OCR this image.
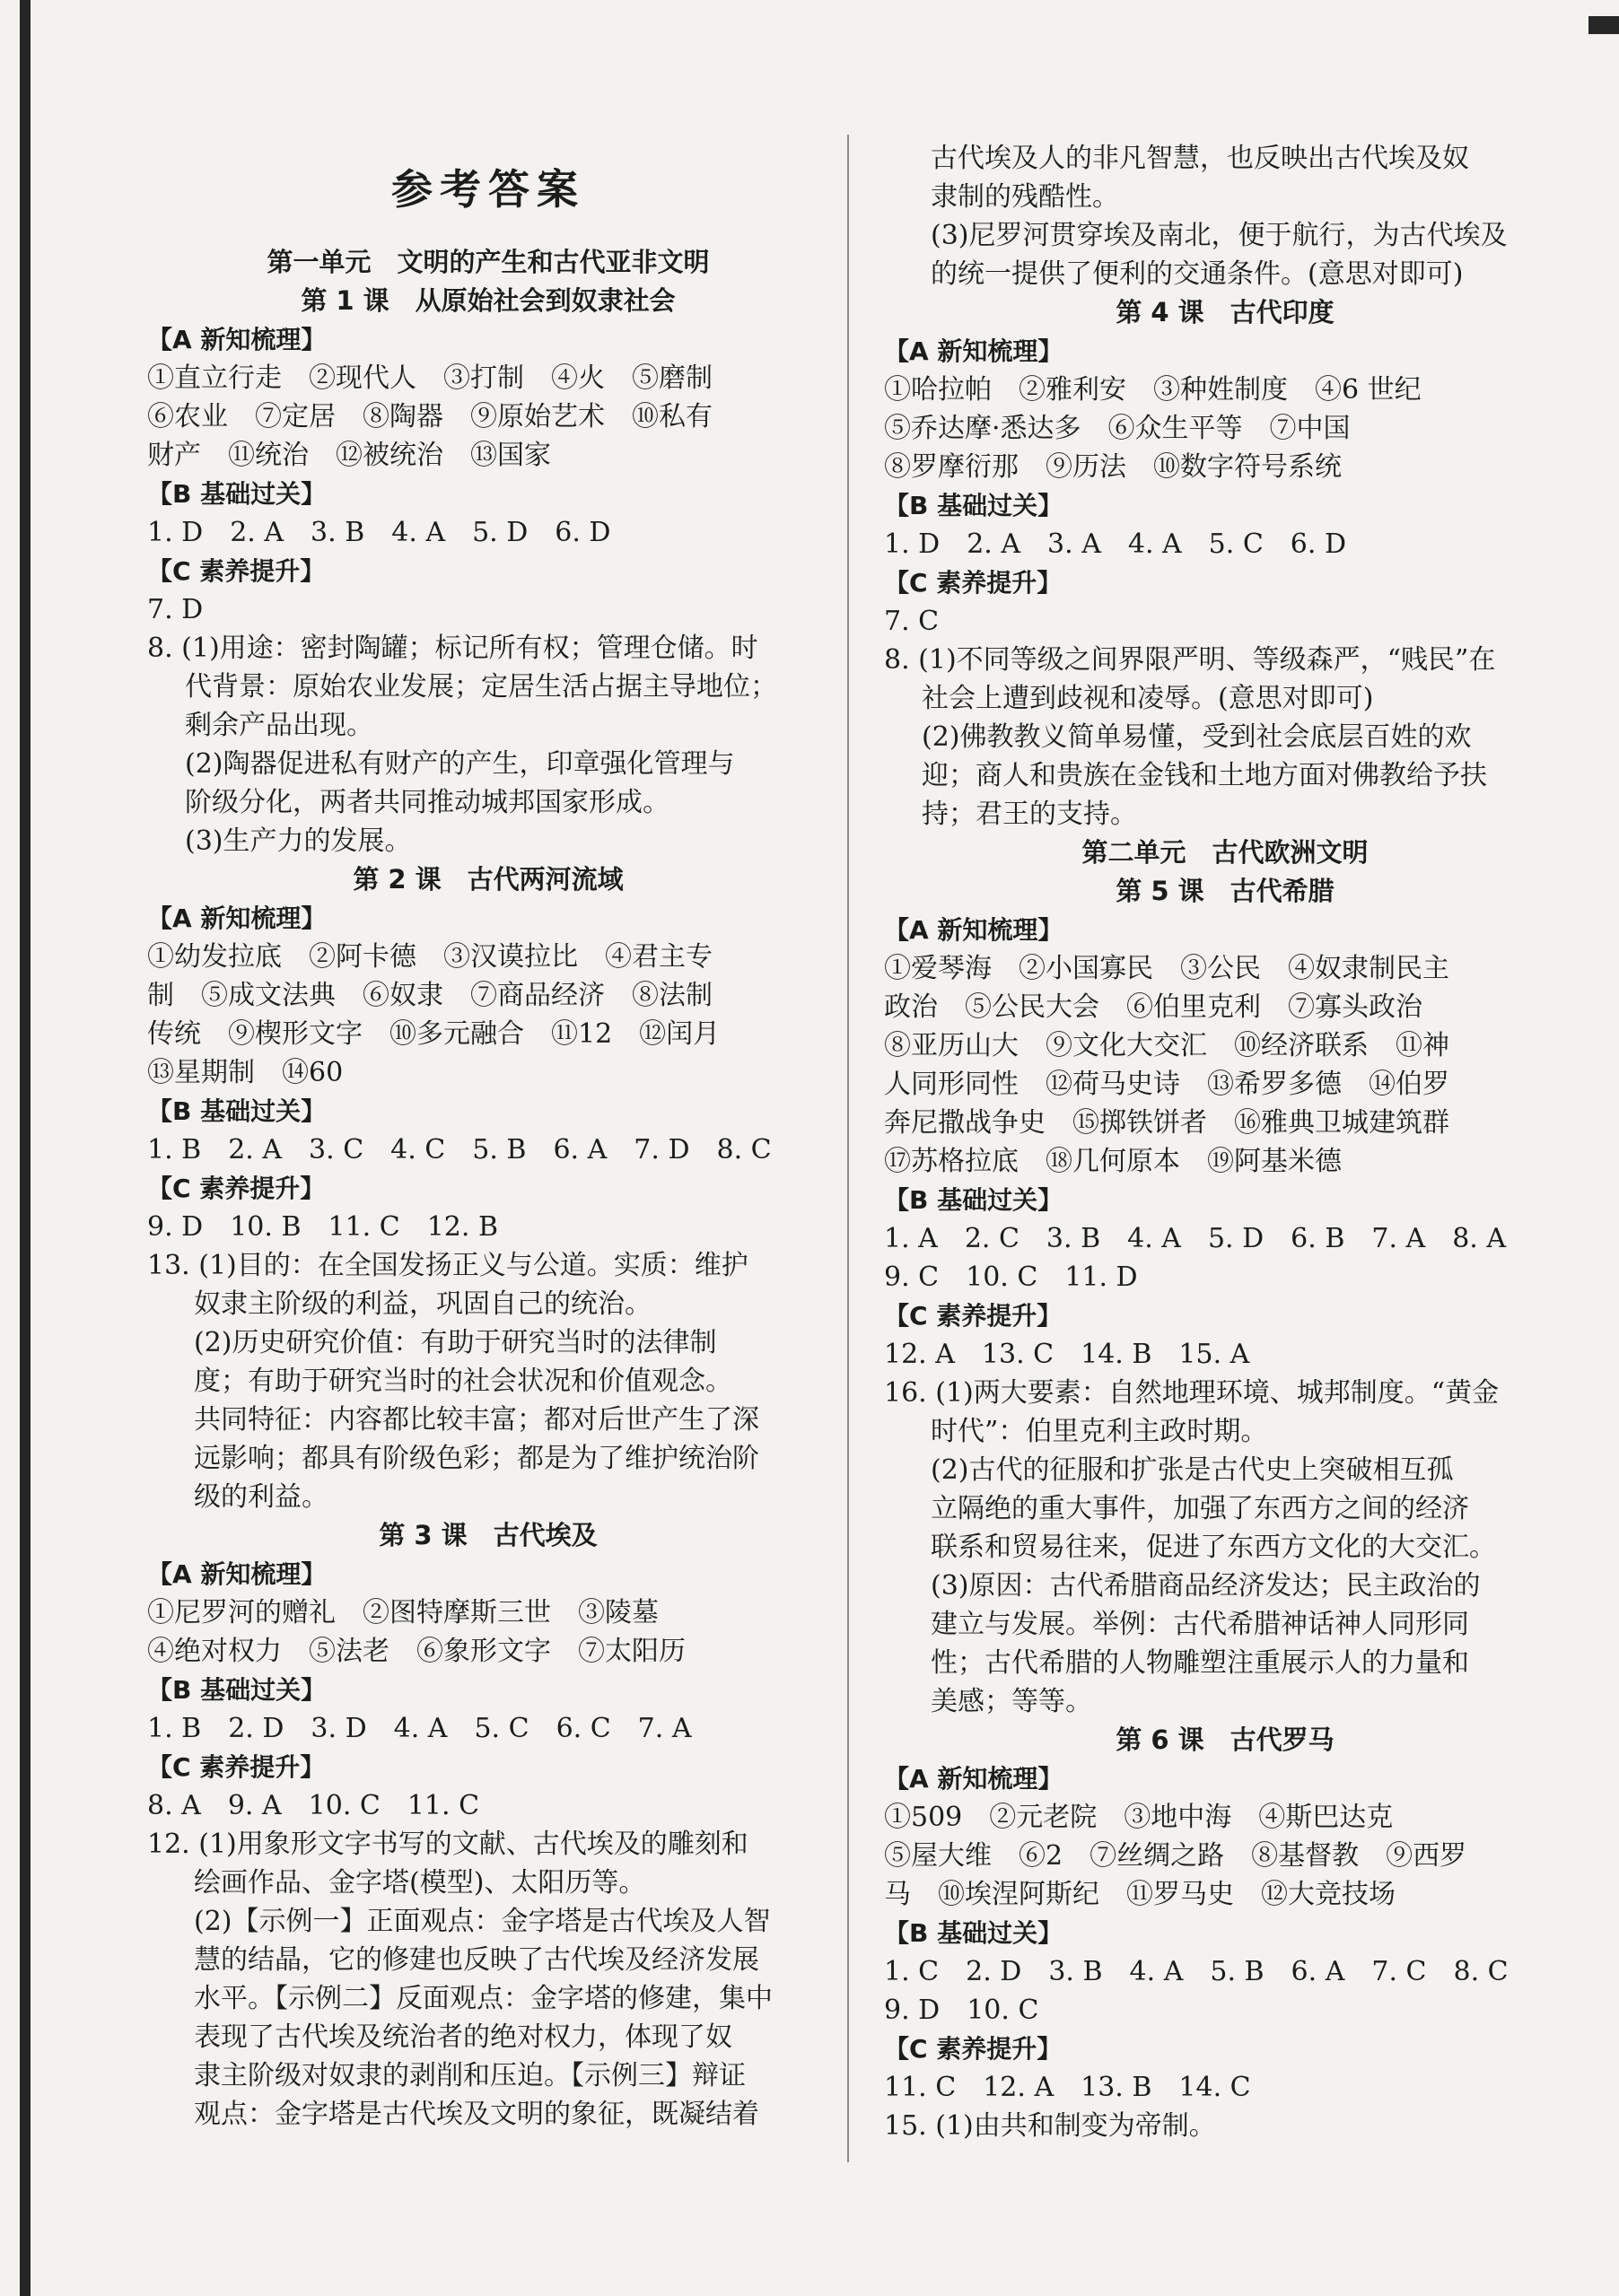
参考答案
第一单元　文明的产生和古代亚非文明
第 1 课　从原始社会到奴隶社会
【A 新知梳理】
①直立行走　②现代人　③打制　④火　⑤磨制
⑥农业　⑦定居　⑧陶器　⑨原始艺术　⑩私有
财产　⑪统治　⑫被统治　⑬国家
【B 基础过关】
1. D　2. A　3. B　4. A　5. D　6. D
【C 素养提升】
7. D
8. (1)用途：密封陶罐；标记所有权；管理仓储。时
代背景：原始农业发展；定居生活占据主导地位；
剩余产品出现。
(2)陶器促进私有财产的产生，印章强化管理与
阶级分化，两者共同推动城邦国家形成。
(3)生产力的发展。
第 2 课　古代两河流域
【A 新知梳理】
①幼发拉底　②阿卡德　③汉谟拉比　④君主专
制　⑤成文法典　⑥奴隶　⑦商品经济　⑧法制
传统　⑨楔形文字　⑩多元融合　⑪12　⑫闰月
⑬星期制　⑭60
【B 基础过关】
1. B　2. A　3. C　4. C　5. B　6. A　7. D　8. C
【C 素养提升】
9. D　10. B　11. C　12. B
13. (1)目的：在全国发扬正义与公道。实质：维护
奴隶主阶级的利益，巩固自己的统治。
(2)历史研究价值：有助于研究当时的法律制
度；有助于研究当时的社会状况和价值观念。
共同特征：内容都比较丰富；都对后世产生了深
远影响；都具有阶级色彩；都是为了维护统治阶
级的利益。
第 3 课　古代埃及
【A 新知梳理】
①尼罗河的赠礼　②图特摩斯三世　③陵墓
④绝对权力　⑤法老　⑥象形文字　⑦太阳历
【B 基础过关】
1. B　2. D　3. D　4. A　5. C　6. C　7. A
【C 素养提升】
8. A　9. A　10. C　11. C
12. (1)用象形文字书写的文献、古代埃及的雕刻和
绘画作品、金字塔(模型)、太阳历等。
(2)【示例一】正面观点：金字塔是古代埃及人智
慧的结晶，它的修建也反映了古代埃及经济发展
水平。【示例二】反面观点：金字塔的修建，集中
表现了古代埃及统治者的绝对权力，体现了奴
隶主阶级对奴隶的剥削和压迫。【示例三】辩证
观点：金字塔是古代埃及文明的象征，既凝结着
古代埃及人的非凡智慧，也反映出古代埃及奴
隶制的残酷性。
(3)尼罗河贯穿埃及南北，便于航行，为古代埃及
的统一提供了便利的交通条件。(意思对即可)
第 4 课　古代印度
【A 新知梳理】
①哈拉帕　②雅利安　③种姓制度　④6 世纪
⑤乔达摩·悉达多　⑥众生平等　⑦中国
⑧罗摩衍那　⑨历法　⑩数字符号系统
【B 基础过关】
1. D　2. A　3. A　4. A　5. C　6. D
【C 素养提升】
7. C
8. (1)不同等级之间界限严明、等级森严，“贱民”在
社会上遭到歧视和凌辱。(意思对即可)
(2)佛教教义简单易懂，受到社会底层百姓的欢
迎；商人和贵族在金钱和土地方面对佛教给予扶
持；君王的支持。
第二单元　古代欧洲文明
第 5 课　古代希腊
【A 新知梳理】
①爱琴海　②小国寡民　③公民　④奴隶制民主
政治　⑤公民大会　⑥伯里克利　⑦寡头政治
⑧亚历山大　⑨文化大交汇　⑩经济联系　⑪神
人同形同性　⑫荷马史诗　⑬希罗多德　⑭伯罗
奔尼撒战争史　⑮掷铁饼者　⑯雅典卫城建筑群
⑰苏格拉底　⑱几何原本　⑲阿基米德
【B 基础过关】
1. A　2. C　3. B　4. A　5. D　6. B　7. A　8. A
9. C　10. C　11. D
【C 素养提升】
12. A　13. C　14. B　15. A
16. (1)两大要素：自然地理环境、城邦制度。“黄金
时代”：伯里克利主政时期。
(2)古代的征服和扩张是古代史上突破相互孤
立隔绝的重大事件，加强了东西方之间的经济
联系和贸易往来，促进了东西方文化的大交汇。
(3)原因：古代希腊商品经济发达；民主政治的
建立与发展。举例：古代希腊神话神人同形同
性；古代希腊的人物雕塑注重展示人的力量和
美感；等等。
第 6 课　古代罗马
【A 新知梳理】
①509　②元老院　③地中海　④斯巴达克
⑤屋大维　⑥2　⑦丝绸之路　⑧基督教　⑨西罗
马　⑩埃涅阿斯纪　⑪罗马史　⑫大竞技场
【B 基础过关】
1. C　2. D　3. B　4. A　5. B　6. A　7. C　8. C
9. D　10. C
【C 素养提升】
11. C　12. A　13. B　14. C
15. (1)由共和制变为帝制。
